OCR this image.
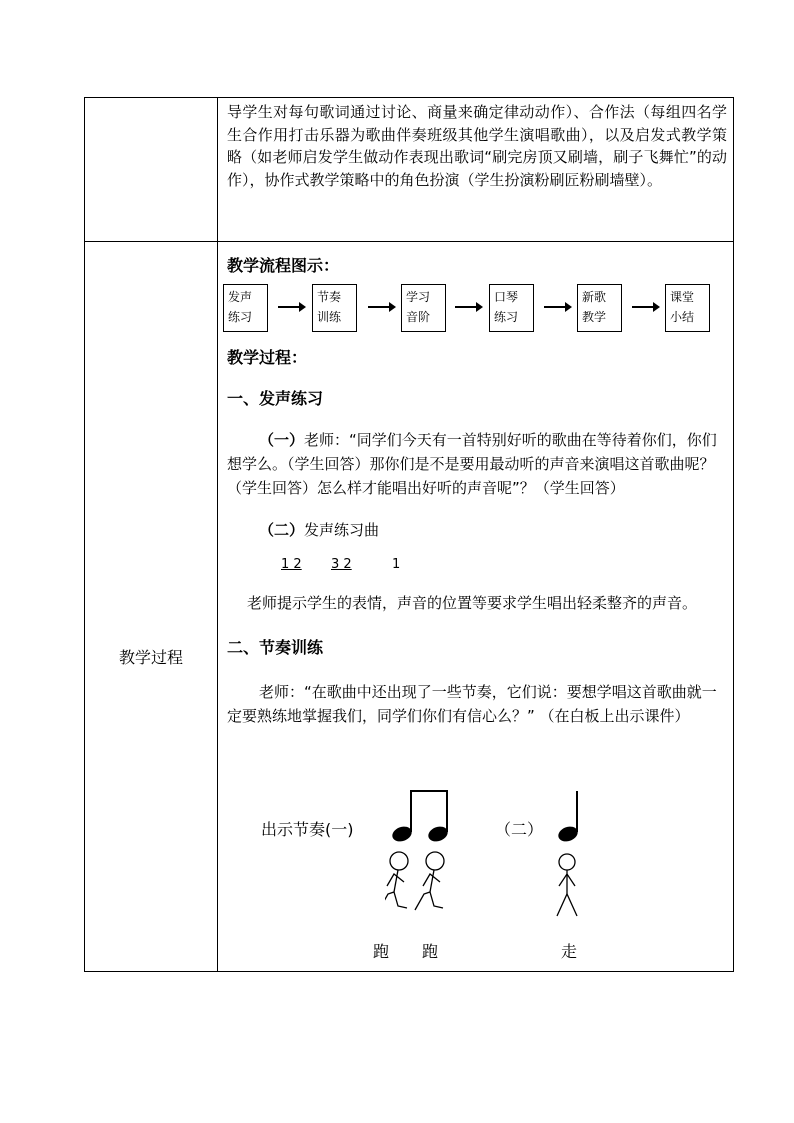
导学生对每句歌词通过讨论、商量来确定律动动作）、合作法（每组四名学生合作用打击乐器为歌曲伴奏班级其他学生演唱歌曲），以及启发式教学策略（如老师启发学生做动作表现出歌词“刷完房顶又刷墙，刷子飞舞忙”的动作），协作式教学策略中的角色扮演（学生扮演粉刷匠粉刷墙壁）。
教学过程
教学流程图示：
发声
练习
节奏
训练
学习
音阶
口琴
练习
新歌
教学
课堂
小结
教学过程：
一、发声练习
（一）老师：“同学们今天有一首特别好听的歌曲在等待着你们，你们想学么。（学生回答）那你们是不是要用最动听的声音来演唱这首歌曲呢？（学生回答）怎么样才能唱出好听的声音呢”？（学生回答）
（二）发声练习曲
1 2 3 2	1
老师提示学生的表情，声音的位置等要求学生唱出轻柔整齐的声音。
二、节奏训练
老师：“在歌曲中还出现了一些节奏，它们说：要想学唱这首歌曲就一定要熟练地掌握我们，同学们你们有信心么？” （在白板上出示课件）
出示节奏(一)	（二）
跑 跑	走
